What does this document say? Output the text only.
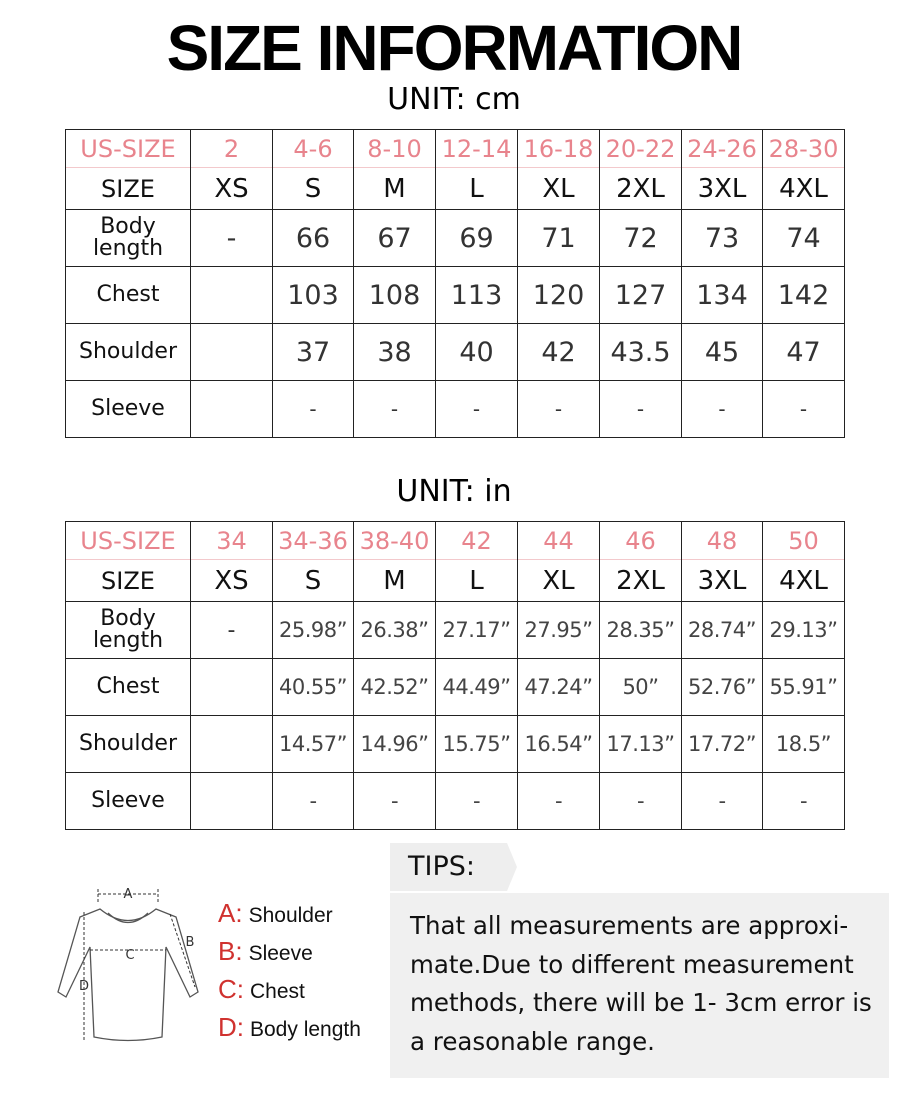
SIZE INFORMATION
UNIT: cm
US-SIZE	2	4-6	8-10	12-14	16-18	20-22	24-26	28-30
SIZE	XS	S	M	L	XL	2XL	3XL	4XL
Body length	-	66	67	69	71	72	73	74
Chest		103	108	113	120	127	134	142
Shoulder		37	38	40	42	43.5	45	47
Sleeve		-	-	-	-	-	-	-
UNIT: in
US-SIZE	34	34-36	38-40	42	44	46	48	50
SIZE	XS	S	M	L	XL	2XL	3XL	4XL
Body length	-	25.98”	26.38”	27.17”	27.95”	28.35”	28.74”	29.13”
Chest		40.55”	42.52”	44.49”	47.24”	50”	52.76”	55.91”
Shoulder		14.57”	14.96”	15.75”	16.54”	17.13”	17.72”	18.5”
Sleeve		-	-	-	-	-	-	-
A
B
C
D
A: Shoulder
B: Sleeve
C: Chest
D: Body length
TIPS:
That all measurements are approxi-mate.Due to different measurement methods, there will be 1- 3cm error is a reasonable range.
